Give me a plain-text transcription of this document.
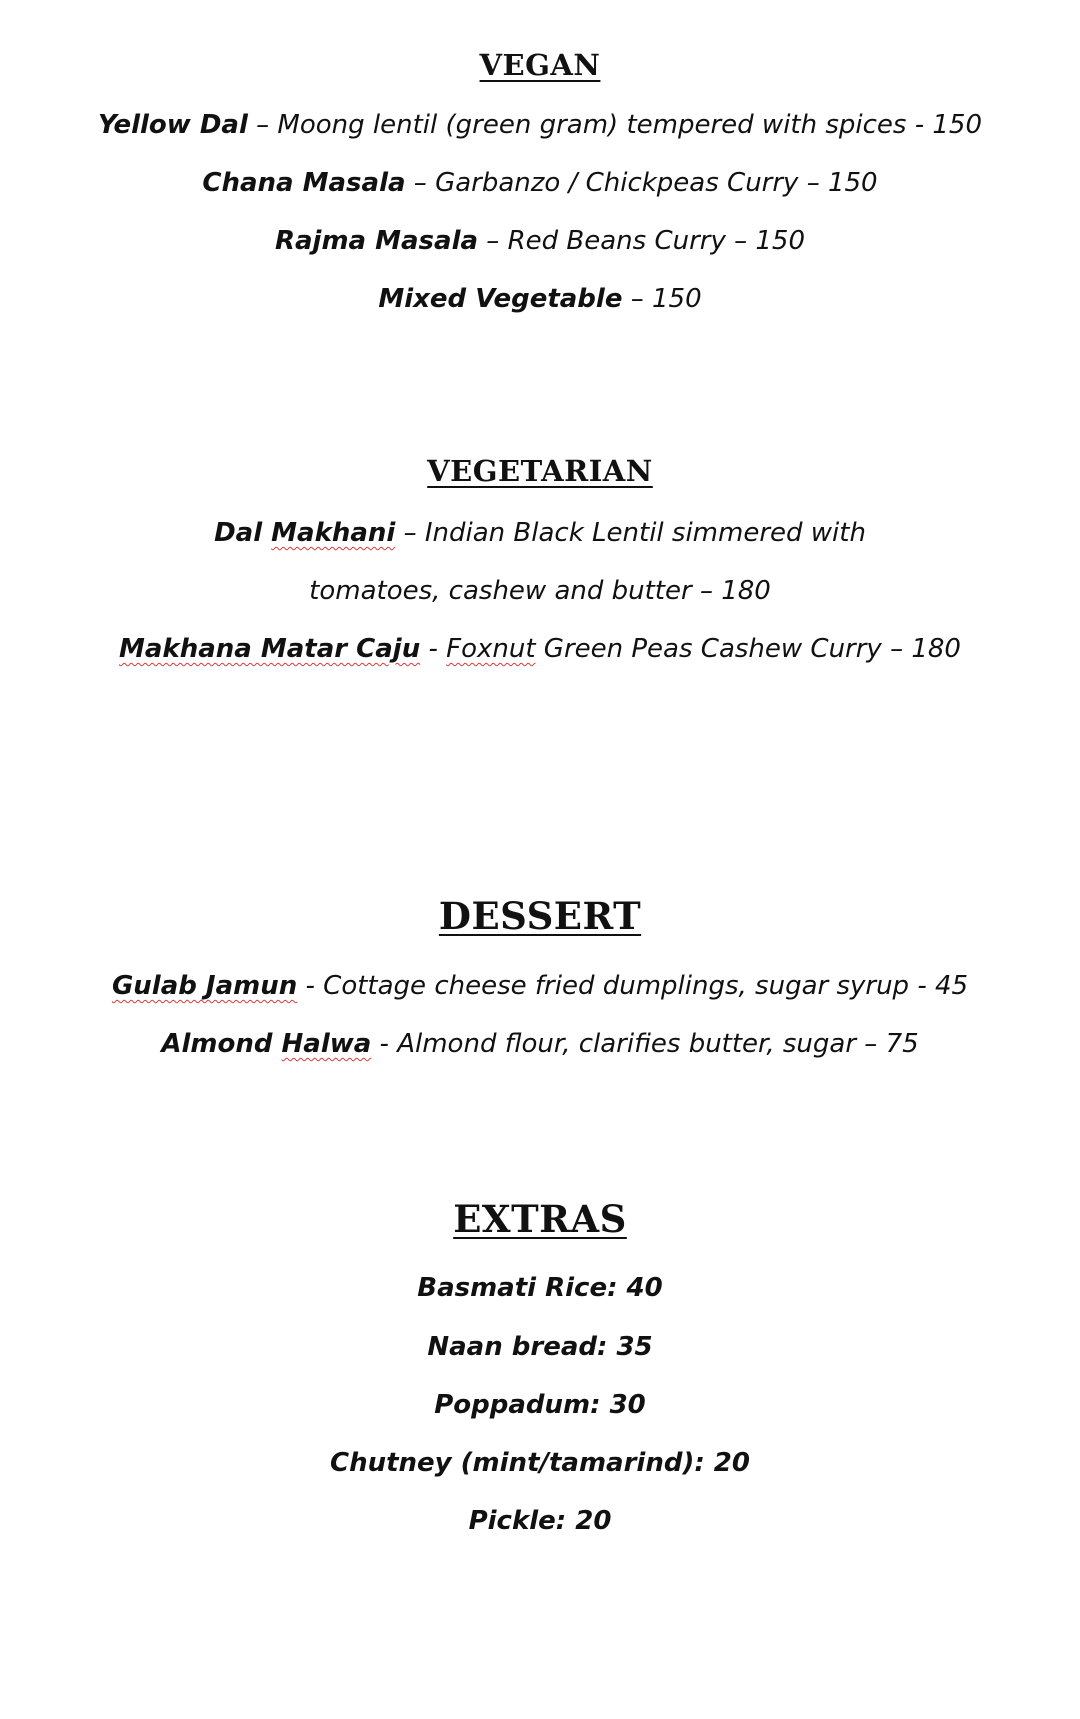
VEGAN

Yellow Dal – Moong lentil (green gram) tempered with spices - 150

Chana Masala – Garbanzo / Chickpeas Curry – 150

Rajma Masala – Red Beans Curry – 150

Mixed Vegetable – 150

VEGETARIAN

Dal Makhani – Indian Black Lentil simmered with

tomatoes, cashew and butter – 180

Makhana Matar Caju - Foxnut Green Peas Cashew Curry – 180

DESSERT

Gulab Jamun - Cottage cheese fried dumplings, sugar syrup - 45

Almond Halwa - Almond flour, clarifies butter, sugar – 75

EXTRAS

Basmati Rice: 40

Naan bread: 35

Poppadum: 30

Chutney (mint/tamarind): 20

Pickle: 20
